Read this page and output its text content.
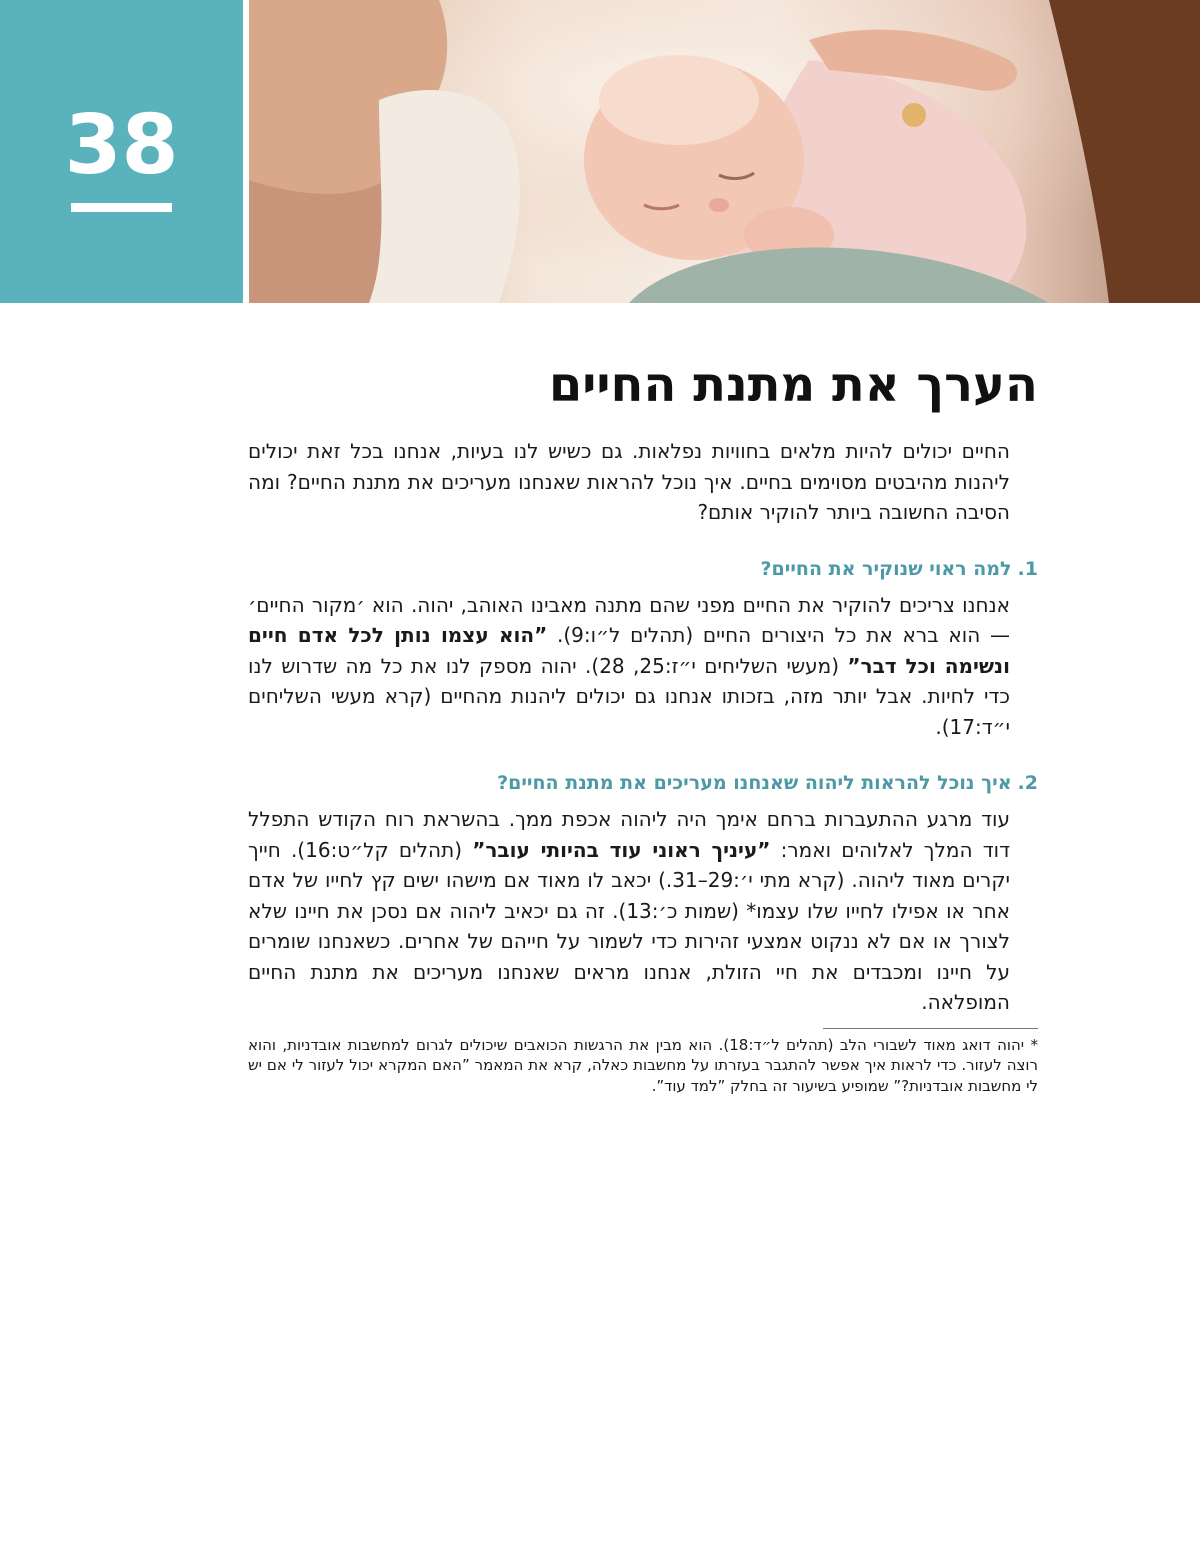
38
הערך את מתנת החיים

החיים יכולים להיות מלאים בחוויות נפלאות. גם כשיש לנו בעיות, אנחנו בכל זאת יכולים ליהנות מהיבטים מסוימים בחיים. איך נוכל להראות שאנחנו מעריכים את מתנת החיים? ומה הסיבה החשובה ביותר להוקיר אותם?

1.למה ראוי שנוקיר את החיים?

אנחנו צריכים להוקיר את החיים מפני שהם מתנה מאבינו האוהב, יהוה. הוא ׳מקור החיים׳ — הוא ברא את כל היצורים החיים (תהלים ל״ו:9). ”הוא עצמו נותן לכל אדם חיים ונשימה וכל דבר” (מעשי השליחים י״ז:25, 28). יהוה מספק לנו את כל מה שדרוש לנו כדי לחיות. אבל יותר מזה, בזכותו אנחנו גם יכולים ליהנות מהחיים (קרא מעשי השליחים י״ד:17).

2.איך נוכל להראות ליהוה שאנחנו מעריכים את מתנת החיים?

עוד מרגע ההתעברות ברחם אימך היה ליהוה אכפת ממך. בהשראת רוח הקודש התפלל דוד המלך לאלוהים ואמר: ”עיניך ראוני עוד בהיותי עובר” (תהלים קל״ט:16). חייך יקרים מאוד ליהוה. (קרא מתי י׳:29–31.) יכאב לו מאוד אם מישהו ישים קץ לחייו של אדם אחר או אפילו לחייו שלו עצמו* (שמות כ׳:13). זה גם יכאיב ליהוה אם נסכן את חיינו שלא לצורך או אם לא ננקוט אמצעי זהירות כדי לשמור על חייהם של אחרים. כשאנחנו שומרים על חיינו ומכבדים את חיי הזולת, אנחנו מראים שאנחנו מעריכים את מתנת החיים המופלאה.

* יהוה דואג מאוד לשבורי הלב (תהלים ל״ד:18). הוא מבין את הרגשות הכואבים שיכולים לגרום למחשבות אובדניות, והוא רוצה לעזור. כדי לראות איך אפשר להתגבר בעזרתו על מחשבות כאלה, קרא את המאמר ”האם המקרא יכול לעזור לי אם יש לי מחשבות אובדניות?” שמופיע בשיעור זה בחלק ”למד עוד”.
